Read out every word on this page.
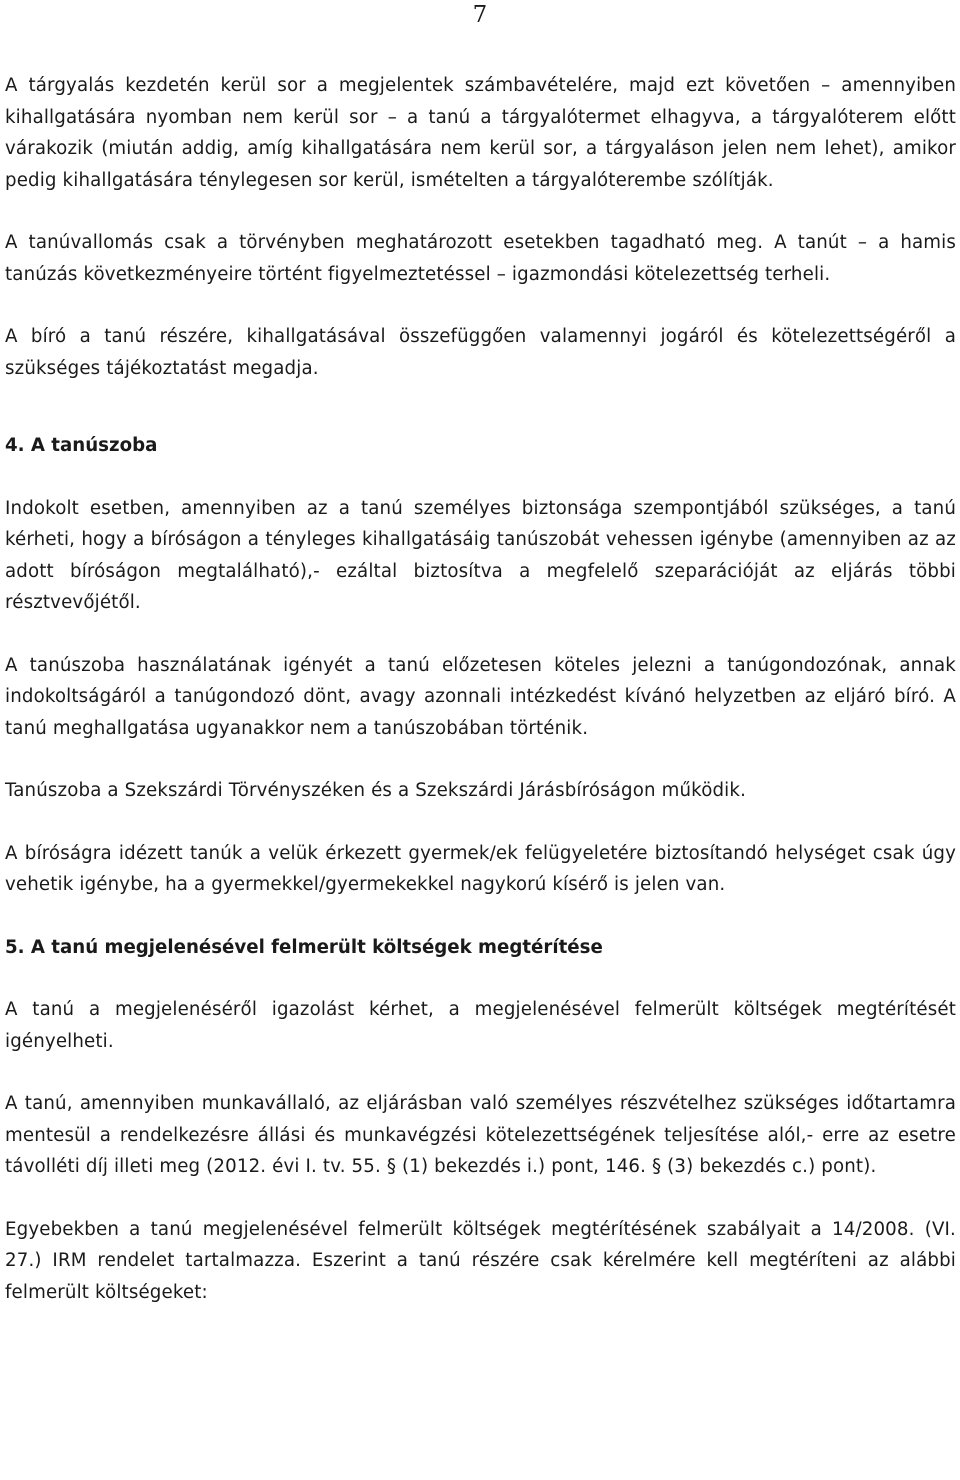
7

A tárgyalás kezdetén kerül sor a megjelentek számbavételére, majd ezt követően – amennyiben kihallgatására nyomban nem kerül sor – a tanú a tárgyalótermet elhagyva, a tárgyalóterem előtt várakozik (miután addig, amíg kihallgatására nem kerül sor, a tárgyaláson jelen nem lehet), amikor pedig kihallgatására ténylegesen sor kerül, ismételten a tárgyalóterembe szólítják.

A tanúvallomás csak a törvényben meghatározott esetekben tagadható meg. A tanút – a hamis tanúzás következményeire történt figyelmeztetéssel – igazmondási kötelezettség terheli.

A bíró a tanú részére, kihallgatásával összefüggően valamennyi jogáról és kötelezettségéről a szükséges tájékoztatást megadja.

4. A tanúszoba

Indokolt esetben, amennyiben az a tanú személyes biztonsága szempontjából szükséges, a tanú kérheti, hogy a bíróságon a tényleges kihallgatásáig tanúszobát vehessen igénybe (amennyiben az az adott bíróságon megtalálható),- ezáltal biztosítva a megfelelő szeparációját az eljárás többi résztvevőjétől.

A tanúszoba használatának igényét a tanú előzetesen köteles jelezni a tanúgondozónak, annak indokoltságáról a tanúgondozó dönt, avagy azonnali intézkedést kívánó helyzetben az eljáró bíró. A tanú meghallgatása ugyanakkor nem a tanúszobában történik.

Tanúszoba a Szekszárdi Törvényszéken és a Szekszárdi Járásbíróságon működik.

A bíróságra idézett tanúk a velük érkezett gyermek/ek felügyeletére biztosítandó helységet csak úgy vehetik igénybe, ha a gyermekkel/gyermekekkel nagykorú kísérő is jelen van.

5. A tanú megjelenésével felmerült költségek megtérítése

A tanú a megjelenéséről igazolást kérhet, a megjelenésével felmerült költségek megtérítését igényelheti.

A tanú, amennyiben munkavállaló, az eljárásban való személyes részvételhez szükséges időtartamra mentesül a rendelkezésre állási és munkavégzési kötelezettségének teljesítése alól,- erre az esetre távolléti díj illeti meg (2012. évi I. tv. 55. § (1) bekezdés i.) pont, 146. § (3) bekezdés c.) pont).

Egyebekben a tanú megjelenésével felmerült költségek megtérítésének szabályait a 14/2008. (VI. 27.) IRM rendelet tartalmazza. Eszerint a tanú részére csak kérelmére kell megtéríteni az alábbi felmerült költségeket:
